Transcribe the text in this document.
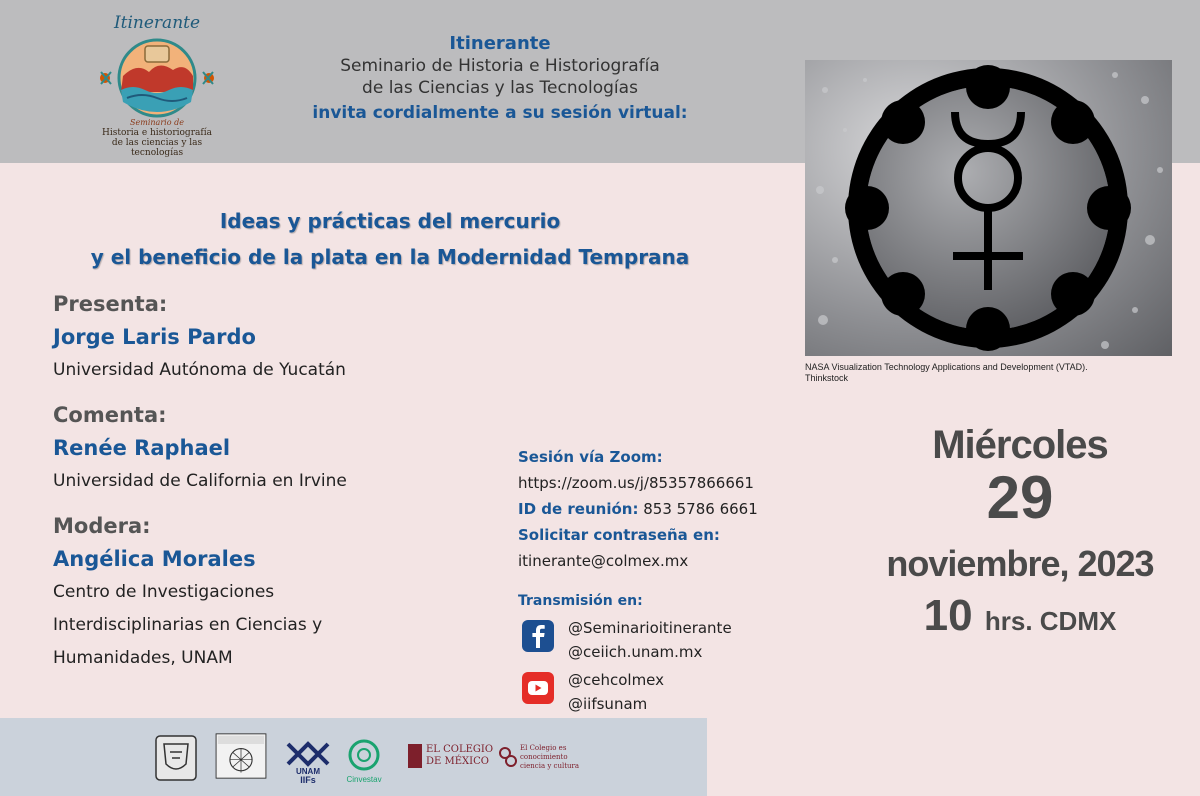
Itinerante
Seminario de
Historia e historiografía
de las ciencias y las tecnologías
Itinerante
Seminario de Historia e Historiografía
de las Ciencias y las Tecnologías
invita cordialmente a su sesión virtual:
NASA Visualization Technology Applications and Development (VTAD).
Thinkstock
Ideas y prácticas del mercurio
y el beneficio de la plata en la Modernidad Temprana
Presenta:
Jorge Laris Pardo
Universidad Autónoma de Yucatán
Comenta:
Renée Raphael
Universidad de California en Irvine
Modera:
Angélica Morales
Centro de Investigaciones
Interdisciplinarias en Ciencias y
Humanidades, UNAM
Sesión vía Zoom:
https://zoom.us/j/85357866661
ID de reunión: 853 5786 6661
Solicitar contraseña en:
itinerante@colmex.mx
Transmisión en:
@Seminarioitinerante
@ceiich.unam.mx
@cehcolmex
@iifsunam
Miércoles
29
noviembre, 2023
10 hrs. CDMX
UNAM
IIFs	Cinvestav
EL COLEGIO
DE MÉXICO
El Colegio es
conocimiento
ciencia y cultura
